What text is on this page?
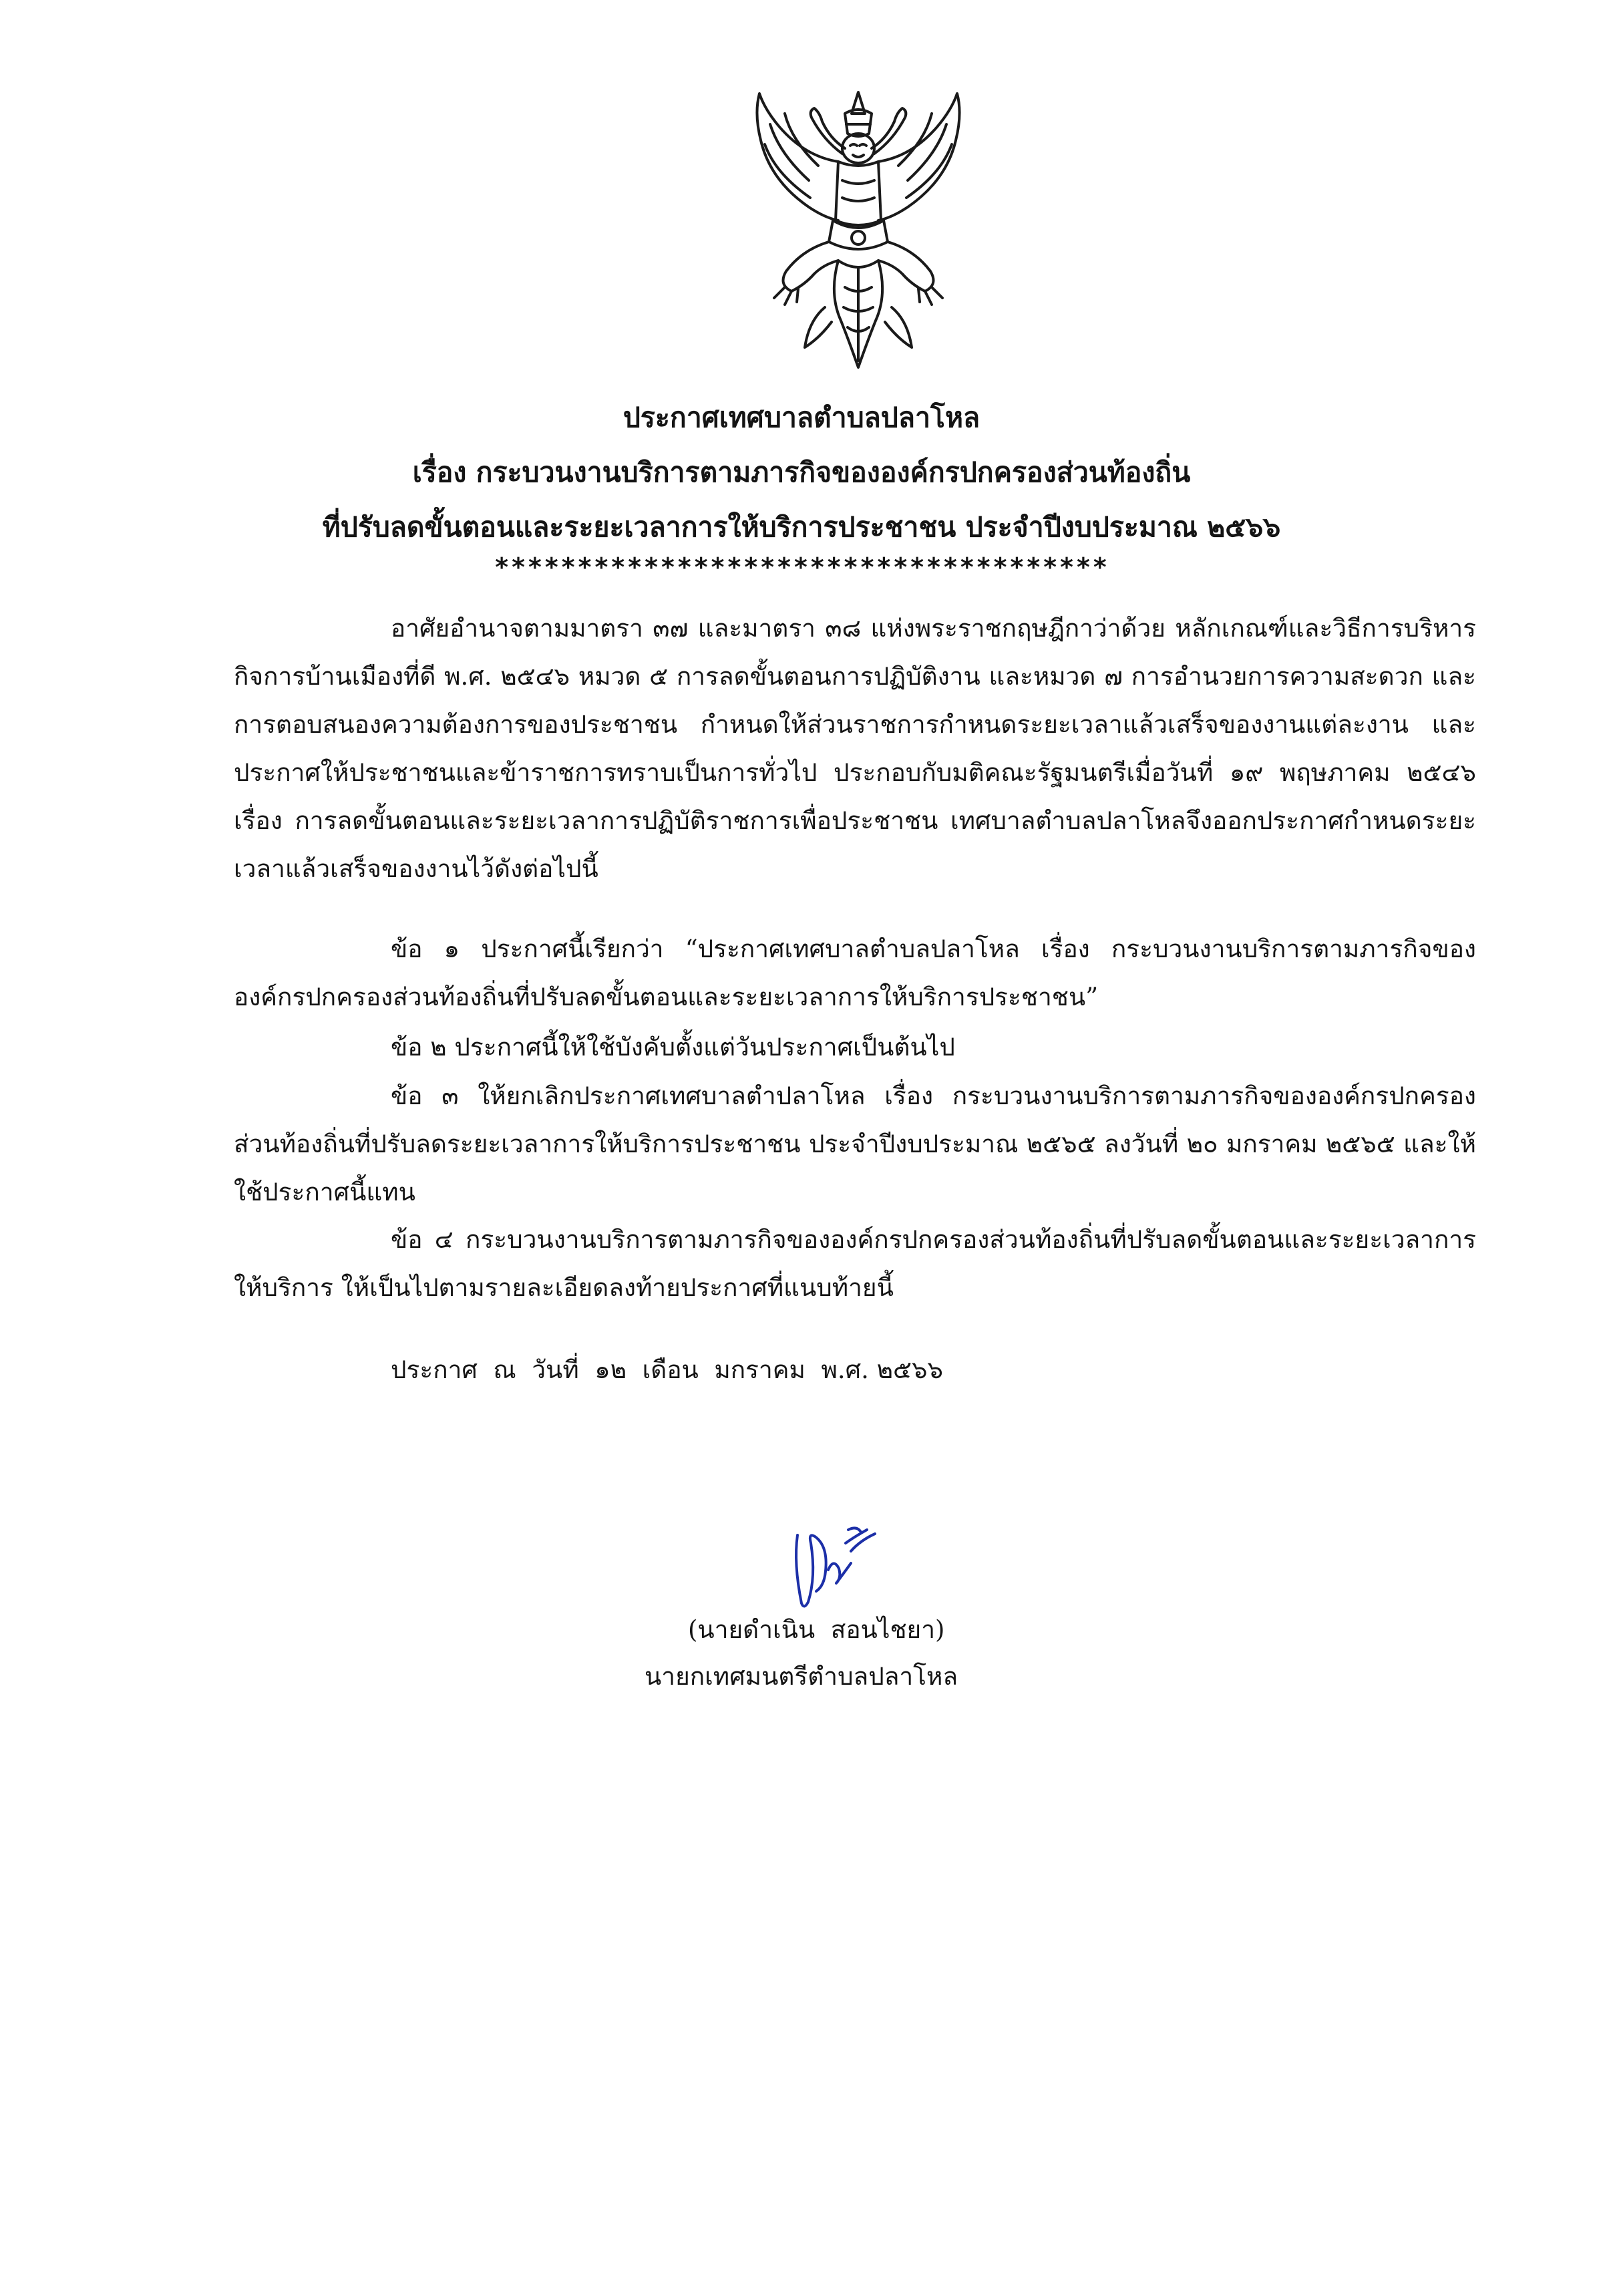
ประกาศเทศบาลตำบลปลาโหล
เรื่อง กระบวนงานบริการตามภารกิจขององค์กรปกครองส่วนท้องถิ่น
ที่ปรับลดขั้นตอนและระยะเวลาการให้บริการประชาชน ประจำปีงบประมาณ ๒๕๖๖
*************************************

อาศัยอำนาจตามมาตรา ๓๗ และมาตรา ๓๘ แห่งพระราชกฤษฎีกาว่าด้วย หลักเกณฑ์และวิธีการบริหารกิจการบ้านเมืองที่ดี พ.ศ. ๒๕๔๖ หมวด ๕ การลดขั้นตอนการปฏิบัติงาน และหมวด ๗ การอำนวยการความสะดวก และการตอบสนองความต้องการของประชาชน กำหนดให้ส่วนราชการกำหนดระยะเวลาแล้วเสร็จของงานแต่ละงาน และประกาศให้ประชาชนและข้าราชการทราบเป็นการทั่วไป ประกอบกับมติคณะรัฐมนตรีเมื่อวันที่ ๑๙ พฤษภาคม ๒๕๔๖ เรื่อง การลดขั้นตอนและระยะเวลาการปฏิบัติราชการเพื่อประชาชน เทศบาลตำบลปลาโหลจึงออกประกาศกำหนดระยะเวลาแล้วเสร็จของงานไว้ดังต่อไปนี้

ข้อ ๑ ประกาศนี้เรียกว่า “ประกาศเทศบาลตำบลปลาโหล เรื่อง กระบวนงานบริการตามภารกิจขององค์กรปกครองส่วนท้องถิ่นที่ปรับลดขั้นตอนและระยะเวลาการให้บริการประชาชน”

ข้อ ๒ ประกาศนี้ให้ใช้บังคับตั้งแต่วันประกาศเป็นต้นไป

ข้อ ๓ ให้ยกเลิกประกาศเทศบาลตำปลาโหล เรื่อง กระบวนงานบริการตามภารกิจขององค์กรปกครองส่วนท้องถิ่นที่ปรับลดระยะเวลาการให้บริการประชาชน ประจำปีงบประมาณ ๒๕๖๕ ลงวันที่ ๒๐ มกราคม ๒๕๖๕ และให้ใช้ประกาศนี้แทน

ข้อ ๔ กระบวนงานบริการตามภารกิจขององค์กรปกครองส่วนท้องถิ่นที่ปรับลดขั้นตอนและระยะเวลาการให้บริการ ให้เป็นไปตามรายละเอียดลงท้ายประกาศที่แนบท้ายนี้

ประกาศ  ณ  วันที่  ๑๒  เดือน  มกราคม  พ.ศ. ๒๕๖๖
(นายดำเนิน  สอนไชยา)
นายกเทศมนตรีตำบลปลาโหล
